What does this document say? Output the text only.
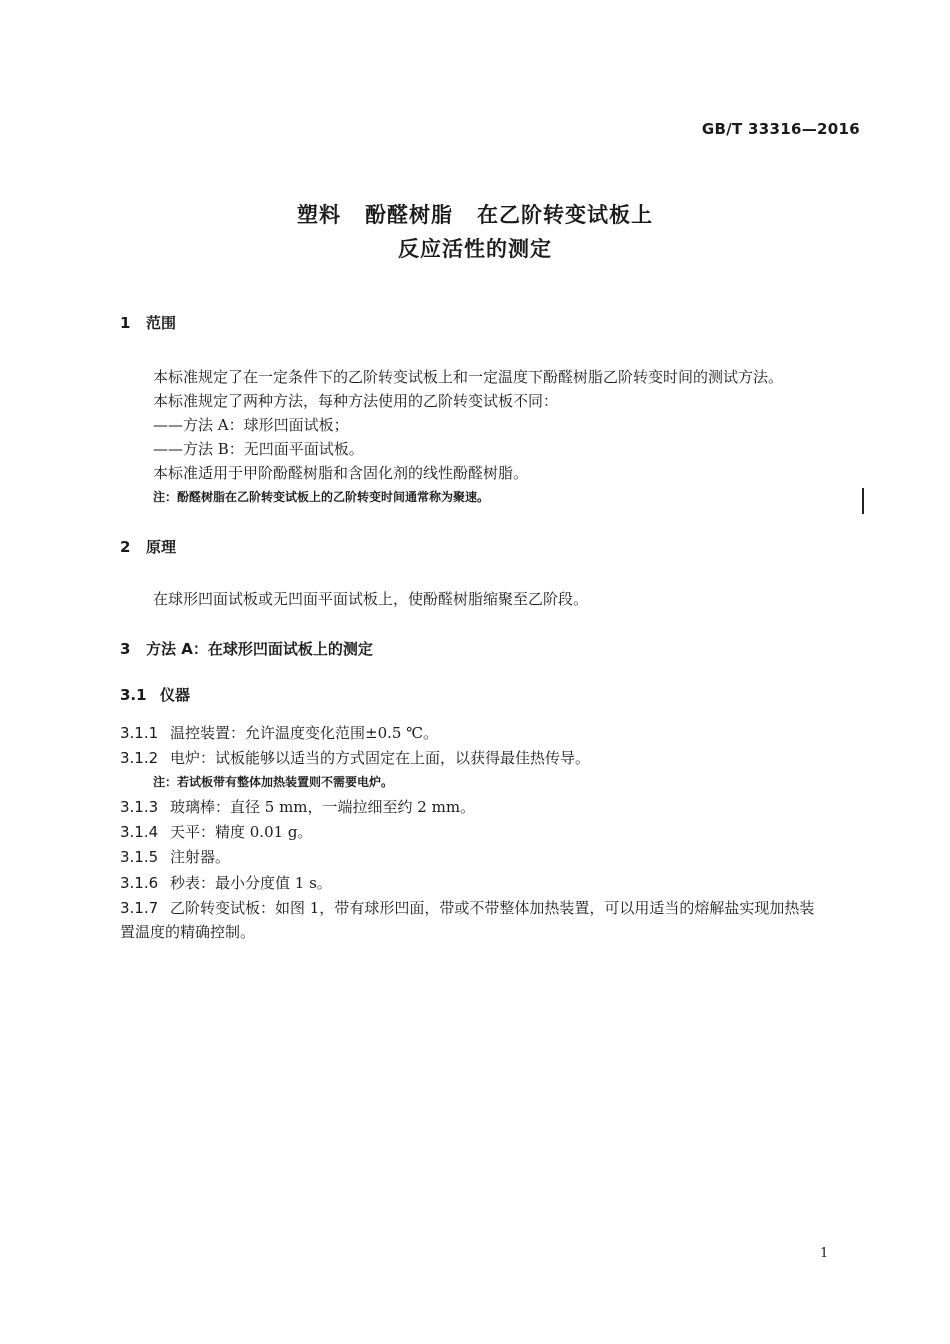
GB/T 33316—2016
塑料 酚醛树脂 在乙阶转变试板上
反应活性的测定
1 范围
本标准规定了在一定条件下的乙阶转变试板上和一定温度下酚醛树脂乙阶转变时间的测试方法。
本标准规定了两种方法，每种方法使用的乙阶转变试板不同：
——方法 A：球形凹面试板；
——方法 B：无凹面平面试板。
本标准适用于甲阶酚醛树脂和含固化剂的线性酚醛树脂。
注：酚醛树脂在乙阶转变试板上的乙阶转变时间通常称为聚速。
2 原理
在球形凹面试板或无凹面平面试板上，使酚醛树脂缩聚至乙阶段。
3 方法 A：在球形凹面试板上的测定
3.1 仪器
3.1.1 温控装置：允许温度变化范围±0.5 ℃。
3.1.2 电炉：试板能够以适当的方式固定在上面，以获得最佳热传导。
注：若试板带有整体加热装置则不需要电炉。
3.1.3 玻璃棒：直径 5 mm，一端拉细至约 2 mm。
3.1.4 天平：精度 0.01 g。
3.1.5 注射器。
3.1.6 秒表：最小分度值 1 s。
3.1.7 乙阶转变试板：如图 1，带有球形凹面，带或不带整体加热装置，可以用适当的熔解盐实现加热装
置温度的精确控制。
1
